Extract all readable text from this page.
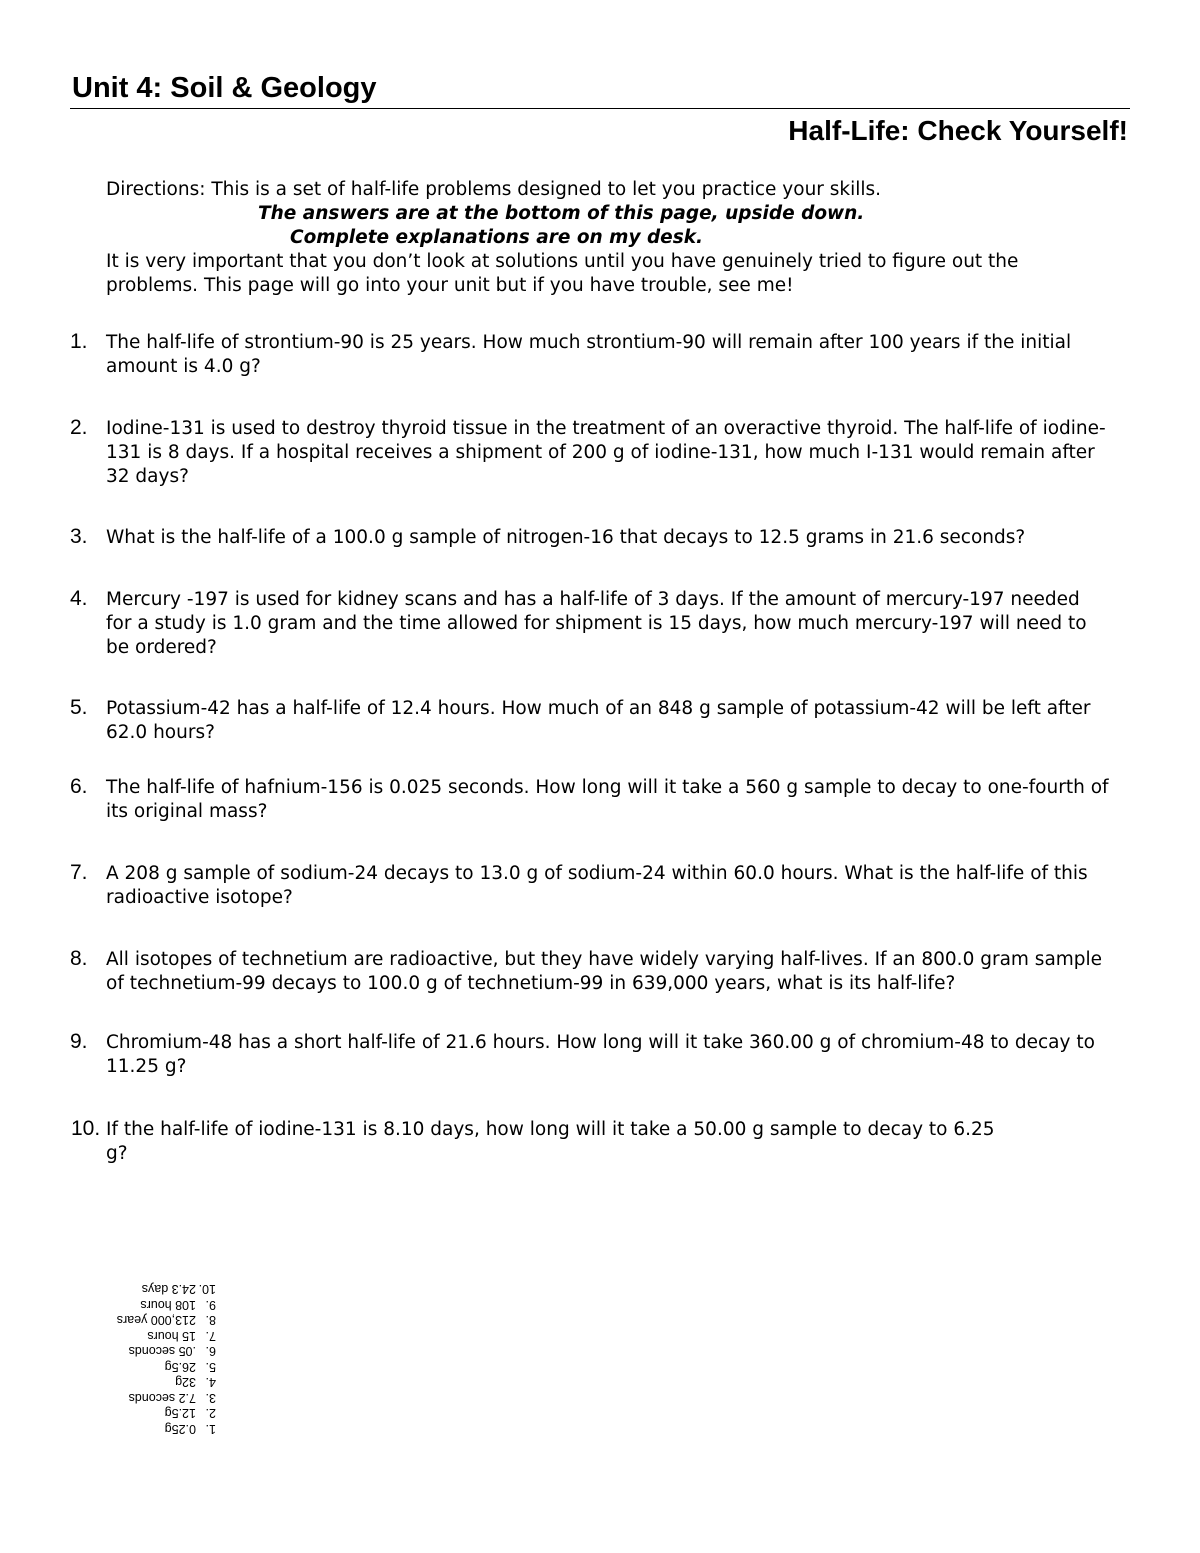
Unit 4: Soil & Geology
Half-Life: Check Yourself!

Directions: This is a set of half-life problems designed to let you practice your skills.

The answers are at the bottom of this page, upside down.

Complete explanations are on my desk.

It is very important that you don’t look at solutions until you have genuinely tried to figure out the problems. This page will go into your unit but if you have trouble, see me!

1. The half-life of strontium-90 is 25 years. How much strontium-90 will remain after 100 years if the initial amount is 4.0 g?
2. Iodine-131 is used to destroy thyroid tissue in the treatment of an overactive thyroid. The half-life of iodine-131 is 8 days. If a hospital receives a shipment of 200 g of iodine-131, how much I-131 would remain after 32 days?
3. What is the half-life of a 100.0 g sample of nitrogen-16 that decays to 12.5 grams in 21.6 seconds?
4. Mercury -197 is used for kidney scans and has a half-life of 3 days. If the amount of mercury-197 needed for a study is 1.0 gram and the time allowed for shipment is 15 days, how much mercury-197 will need to be ordered?
5. Potassium-42 has a half-life of 12.4 hours. How much of an 848 g sample of potassium-42 will be left after 62.0 hours?
6. The half-life of hafnium-156 is 0.025 seconds. How long will it take a 560 g sample to decay to one-fourth of its original mass?
7. A 208 g sample of sodium-24 decays to 13.0 g of sodium-24 within 60.0 hours. What is the half-life of this radioactive isotope?
8. All isotopes of technetium are radioactive, but they have widely varying half-lives. If an 800.0 gram sample of technetium-99 decays to 100.0 g of technetium-99 in 639,000 years, what is its half-life?
9. Chromium-48 has a short half-life of 21.6 hours. How long will it take 360.00 g of chromium-48 to decay to 11.25 g?
10. If the half-life of iodine-131 is 8.10 days, how long will it take a 50.00 g sample to decay to 6.25 g?
1.0.25g
2.12.5g
3.7.2 seconds
4.32g
5.26.5g
6..05 seconds
7.15 hours
8.213,000 years
9.108 hours
10.24.3 days
